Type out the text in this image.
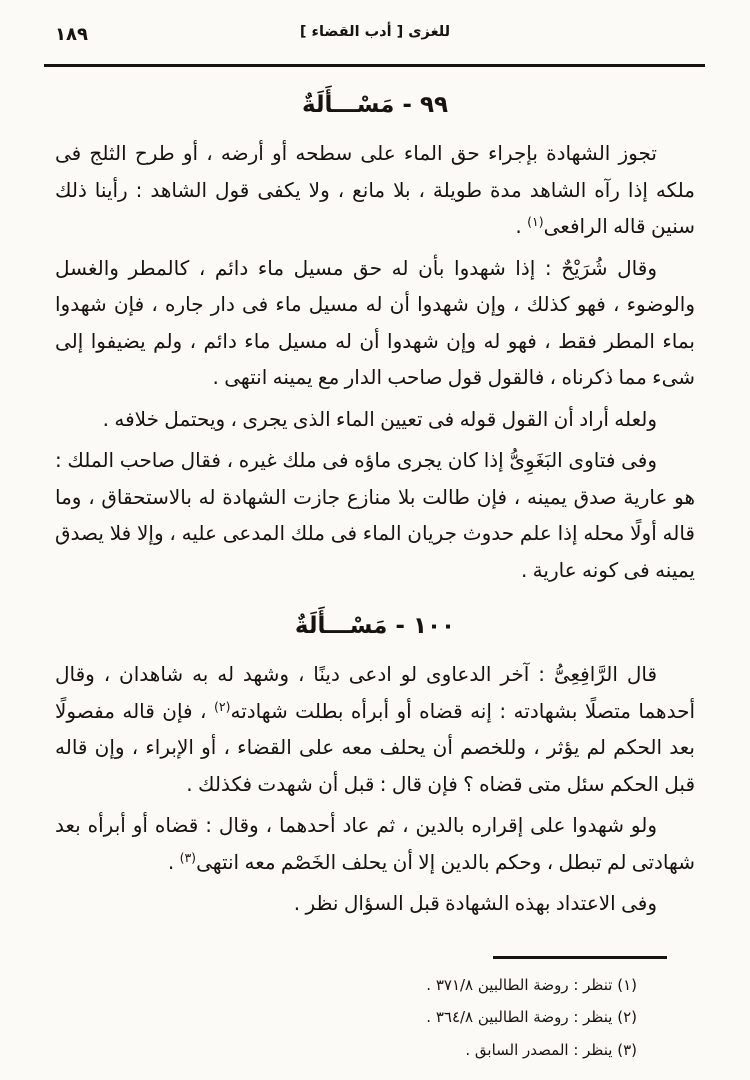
١٨٩	[ أدب القضاء ] للغزى
٩٩ - مَسْـــأَلَةٌ

تجوز الشهادة بإجراء حق الماء على سطحه أو أرضه ، أو طرح الثلج فى ملكه إذا رآه الشاهد مدة طويلة ، بلا مانع ، ولا يكفى قول الشاهد : رأينا ذلك سنين قاله الرافعى$^{(١)}$ .

وقال شُرَيْحٌ : إذا شهدوا بأن له حق مسيل ماء دائم ، كالمطر والغسل والوضوء ، فهو كذلك ، وإن شهدوا أن له مسيل ماء فى دار جاره ، فإن شهدوا بماء المطر فقط ، فهو له وإن شهدوا أن له مسيل ماء دائم ، ولم يضيفوا إلى شىء مما ذكرناه ، فالقول قول صاحب الدار مع يمينه انتهى .

ولعله أراد أن القول قوله فى تعيين الماء الذى يجرى ، ويحتمل خلافه .

وفى فتاوى البَغَوِىُّ إذا كان يجرى ماؤه فى ملك غيره ، فقال صاحب الملك : هو عارية صدق يمينه ، فإن طالت بلا منازع جازت الشهادة له بالاستحقاق ، وما قاله أولًا محله إذا علم حدوث جريان الماء فى ملك المدعى عليه ، وإلا فلا يصدق يمينه فى كونه عارية .

١٠٠ - مَسْـــأَلَةٌ

قال الرَّافِعِىُّ : آخر الدعاوى لو ادعى دينًا ، وشهد له به شاهدان ، وقال أحدهما متصلًا بشهادته : إنه قضاه أو أبرأه بطلت شهادته$^{(٢)}$ ، فإن قاله مفصولًا بعد الحكم لم يؤثر ، وللخصم أن يحلف معه على القضاء ، أو الإبراء ، وإن قاله قبل الحكم سئل متى قضاه ؟ فإن قال : قبل أن شهدت فكذلك .

ولو شهدوا على إقراره بالدين ، ثم عاد أحدهما ، وقال : قضاه أو أبرأه بعد شهادتى لم تبطل ، وحكم بالدين إلا أن يحلف الخَصْم معه انتهى$^{(٣)}$ .

وفى الاعتداد بهذه الشهادة قبل السؤال نظر .

(١) تنظر : روضة الطالبين ٣٧١/٨ .
(٢) ينظر : روضة الطالبين ٣٦٤/٨ .
(٣) ينظر : المصدر السابق .
